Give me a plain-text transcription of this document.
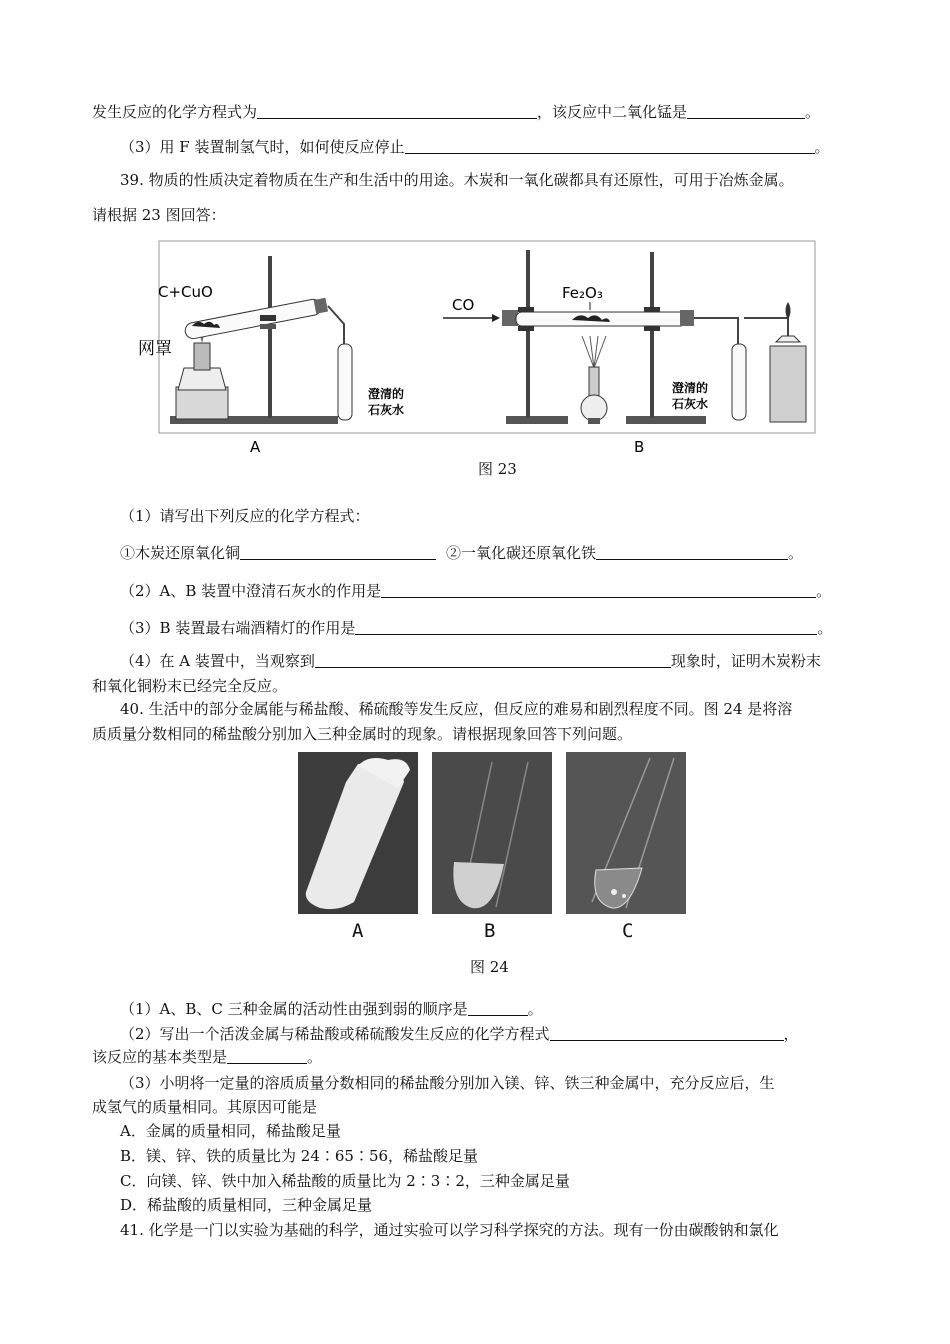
发生反应的化学方程式为	，该反应中二氧化锰是	。
（3）用 F 装置制氢气时，如何使反应停止	。
39. 物质的性质决定着物质在生产和生活中的用途。木炭和一氧化碳都具有还原性，可用于冶炼金属。
请根据 23 图回答：
C+CuO
网罩
澄清的
石灰水
CO
Fe₂O₃
澄清的
石灰水
A	B
图 23
（1）请写出下列反应的化学方程式：
①木炭还原氧化铜	②一氧化碳还原氧化铁	。
（2）A、B 装置中澄清石灰水的作用是	。
（3）B 装置最右端酒精灯的作用是	。
（4）在 A 装置中，当观察到	现象时，证明木炭粉末
和氧化铜粉末已经完全反应。
40. 生活中的部分金属能与稀盐酸、稀硫酸等发生反应，但反应的难易和剧烈程度不同。图 24 是将溶
质质量分数相同的稀盐酸分别加入三种金属时的现象。请根据现象回答下列问题。
A	B	C
图 24
（1）A、B、C 三种金属的活动性由强到弱的顺序是	。
（2）写出一个活泼金属与稀盐酸或稀硫酸发生反应的化学方程式	，
该反应的基本类型是	。
（3）小明将一定量的溶质质量分数相同的稀盐酸分别加入镁、锌、铁三种金属中，充分反应后，生
成氢气的质量相同。其原因可能是
A．金属的质量相同，稀盐酸足量
B．镁、锌、铁的质量比为 24∶65∶56，稀盐酸足量
C．向镁、锌、铁中加入稀盐酸的质量比为 2∶3∶2，三种金属足量
D．稀盐酸的质量相同，三种金属足量
41. 化学是一门以实验为基础的科学，通过实验可以学习科学探究的方法。现有一份由碳酸钠和氯化
